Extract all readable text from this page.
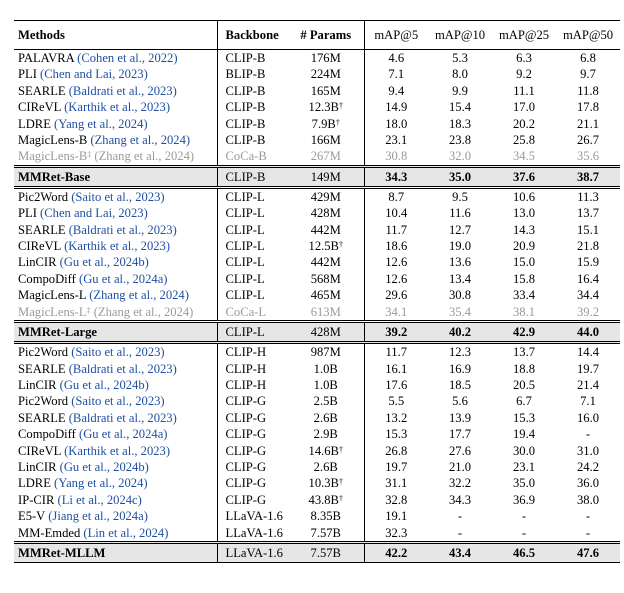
Methods	Backbone	# Params	mAP@5	mAP@10	mAP@25	mAP@50
PALAVRA (Cohen et al., 2022)	CLIP-B	176M	4.6	5.3	6.3	6.8
PLI (Chen and Lai, 2023)	BLIP-B	224M	7.1	8.0	9.2	9.7
SEARLE (Baldrati et al., 2023)	CLIP-B	165M	9.4	9.9	11.1	11.8
CIReVL (Karthik et al., 2023)	CLIP-B	12.3B†	14.9	15.4	17.0	17.8
LDRE (Yang et al., 2024)	CLIP-B	7.9B†	18.0	18.3	20.2	21.1
MagicLens-B (Zhang et al., 2024)	CLIP-B	166M	23.1	23.8	25.8	26.7
MagicLens-B‡ (Zhang et al., 2024)	CoCa-B	267M	30.8	32.0	34.5	35.6
MMRet-Base	CLIP-B	149M	34.3	35.0	37.6	38.7
Pic2Word (Saito et al., 2023)	CLIP-L	429M	8.7	9.5	10.6	11.3
PLI (Chen and Lai, 2023)	CLIP-L	428M	10.4	11.6	13.0	13.7
SEARLE (Baldrati et al., 2023)	CLIP-L	442M	11.7	12.7	14.3	15.1
CIReVL (Karthik et al., 2023)	CLIP-L	12.5B†	18.6	19.0	20.9	21.8
LinCIR (Gu et al., 2024b)	CLIP-L	442M	12.6	13.6	15.0	15.9
CompoDiff (Gu et al., 2024a)	CLIP-L	568M	12.6	13.4	15.8	16.4
MagicLens-L (Zhang et al., 2024)	CLIP-L	465M	29.6	30.8	33.4	34.4
MagicLens-L‡ (Zhang et al., 2024)	CoCa-L	613M	34.1	35.4	38.1	39.2
MMRet-Large	CLIP-L	428M	39.2	40.2	42.9	44.0
Pic2Word (Saito et al., 2023)	CLIP-H	987M	11.7	12.3	13.7	14.4
SEARLE (Baldrati et al., 2023)	CLIP-H	1.0B	16.1	16.9	18.8	19.7
LinCIR (Gu et al., 2024b)	CLIP-H	1.0B	17.6	18.5	20.5	21.4
Pic2Word (Saito et al., 2023)	CLIP-G	2.5B	5.5	5.6	6.7	7.1
SEARLE (Baldrati et al., 2023)	CLIP-G	2.6B	13.2	13.9	15.3	16.0
CompoDiff (Gu et al., 2024a)	CLIP-G	2.9B	15.3	17.7	19.4	-
CIReVL (Karthik et al., 2023)	CLIP-G	14.6B†	26.8	27.6	30.0	31.0
LinCIR (Gu et al., 2024b)	CLIP-G	2.6B	19.7	21.0	23.1	24.2
LDRE (Yang et al., 2024)	CLIP-G	10.3B†	31.1	32.2	35.0	36.0
IP-CIR (Li et al., 2024c)	CLIP-G	43.8B†	32.8	34.3	36.9	38.0
E5-V (Jiang et al., 2024a)	LLaVA-1.6	8.35B	19.1	-	-	-
MM-Emded (Lin et al., 2024)	LLaVA-1.6	7.57B	32.3	-	-	-
MMRet-MLLM	LLaVA-1.6	7.57B	42.2	43.4	46.5	47.6
